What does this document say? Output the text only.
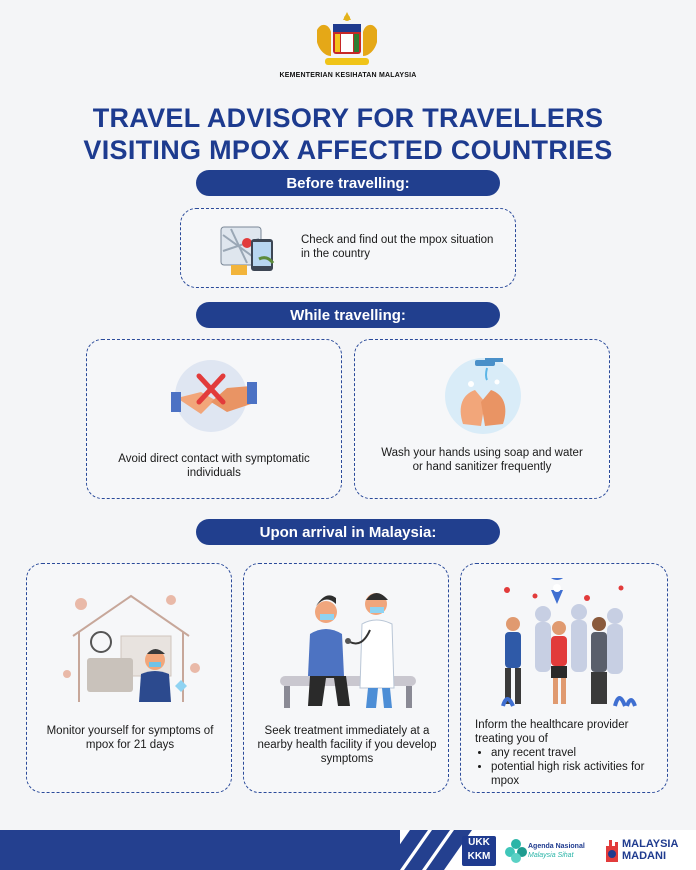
KEMENTERIAN KESIHATAN MALAYSIA
TRAVEL ADVISORY FOR TRAVELLERS
VISITING MPOX AFFECTED COUNTRIES
Before travelling:
Check and find out the mpox situation in the country
While travelling:
Avoid direct contact with symptomatic individuals
Wash your hands using soap and water or hand sanitizer frequently
Upon arrival in Malaysia:
Monitor yourself for symptoms of mpox for 21 days
Seek treatment immediately at a nearby health facility if you develop symptoms
Inform the healthcare provider treating you of
• any recent travel
• potential high risk activities for mpox
UKK
KKM
Agenda Nasional
Malaysia Sihat
MALAYSIA
MADANI
